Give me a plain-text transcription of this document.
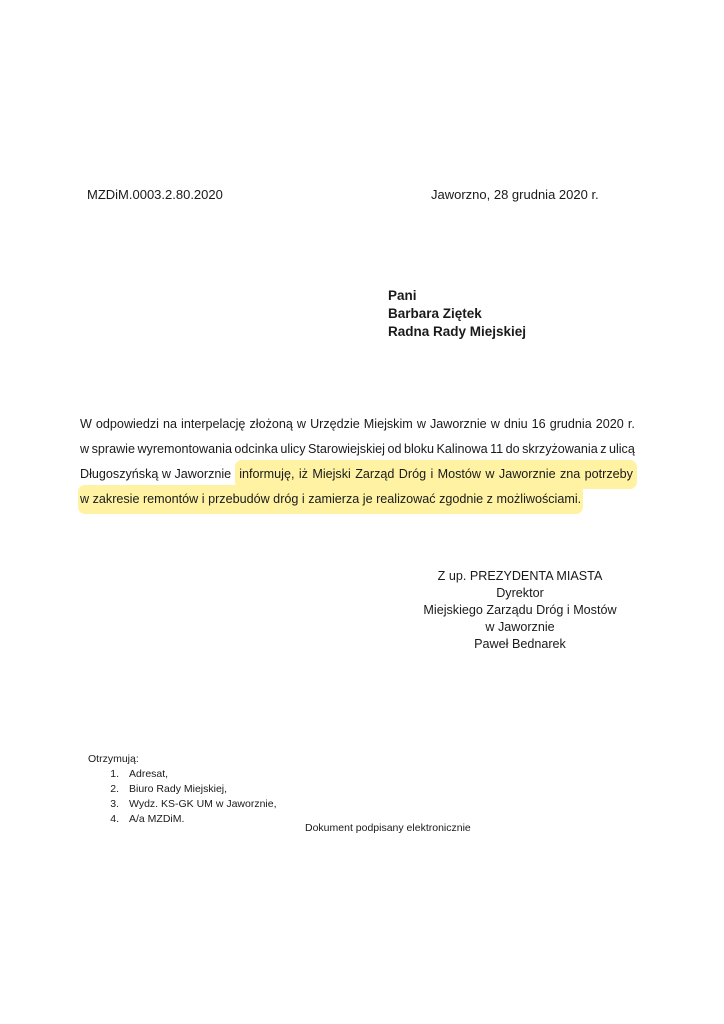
MZDiM.0003.2.80.2020	Jaworzno, 28 grudnia 2020 r.
Pani
Barbara Ziętek
Radna Rady Miejskiej
W odpowiedzi na interpelację złożoną w Urzędzie Miejskim w Jaworznie w dniu 16 grudnia 2020 r.
w sprawie wyremontowania odcinka ulicy Starowiejskiej od bloku Kalinowa 11 do skrzyżowania z ulicą
Długoszyńską w Jaworznie informuję, iż Miejski Zarząd Dróg i Mostów w Jaworznie zna potrzeby
w zakresie remontów i przebudów dróg i zamierza je realizować zgodnie z możliwościami.
Z up. PREZYDENTA MIASTA
Dyrektor
Miejskiego Zarządu Dróg i Mostów
w Jaworznie
Paweł Bednarek
Otrzymują:
1. Adresat,
2. Biuro Rady Miejskiej,
3. Wydz. KS-GK UM w Jaworznie,
4. A/a MZDiM.
Dokument podpisany elektronicznie
